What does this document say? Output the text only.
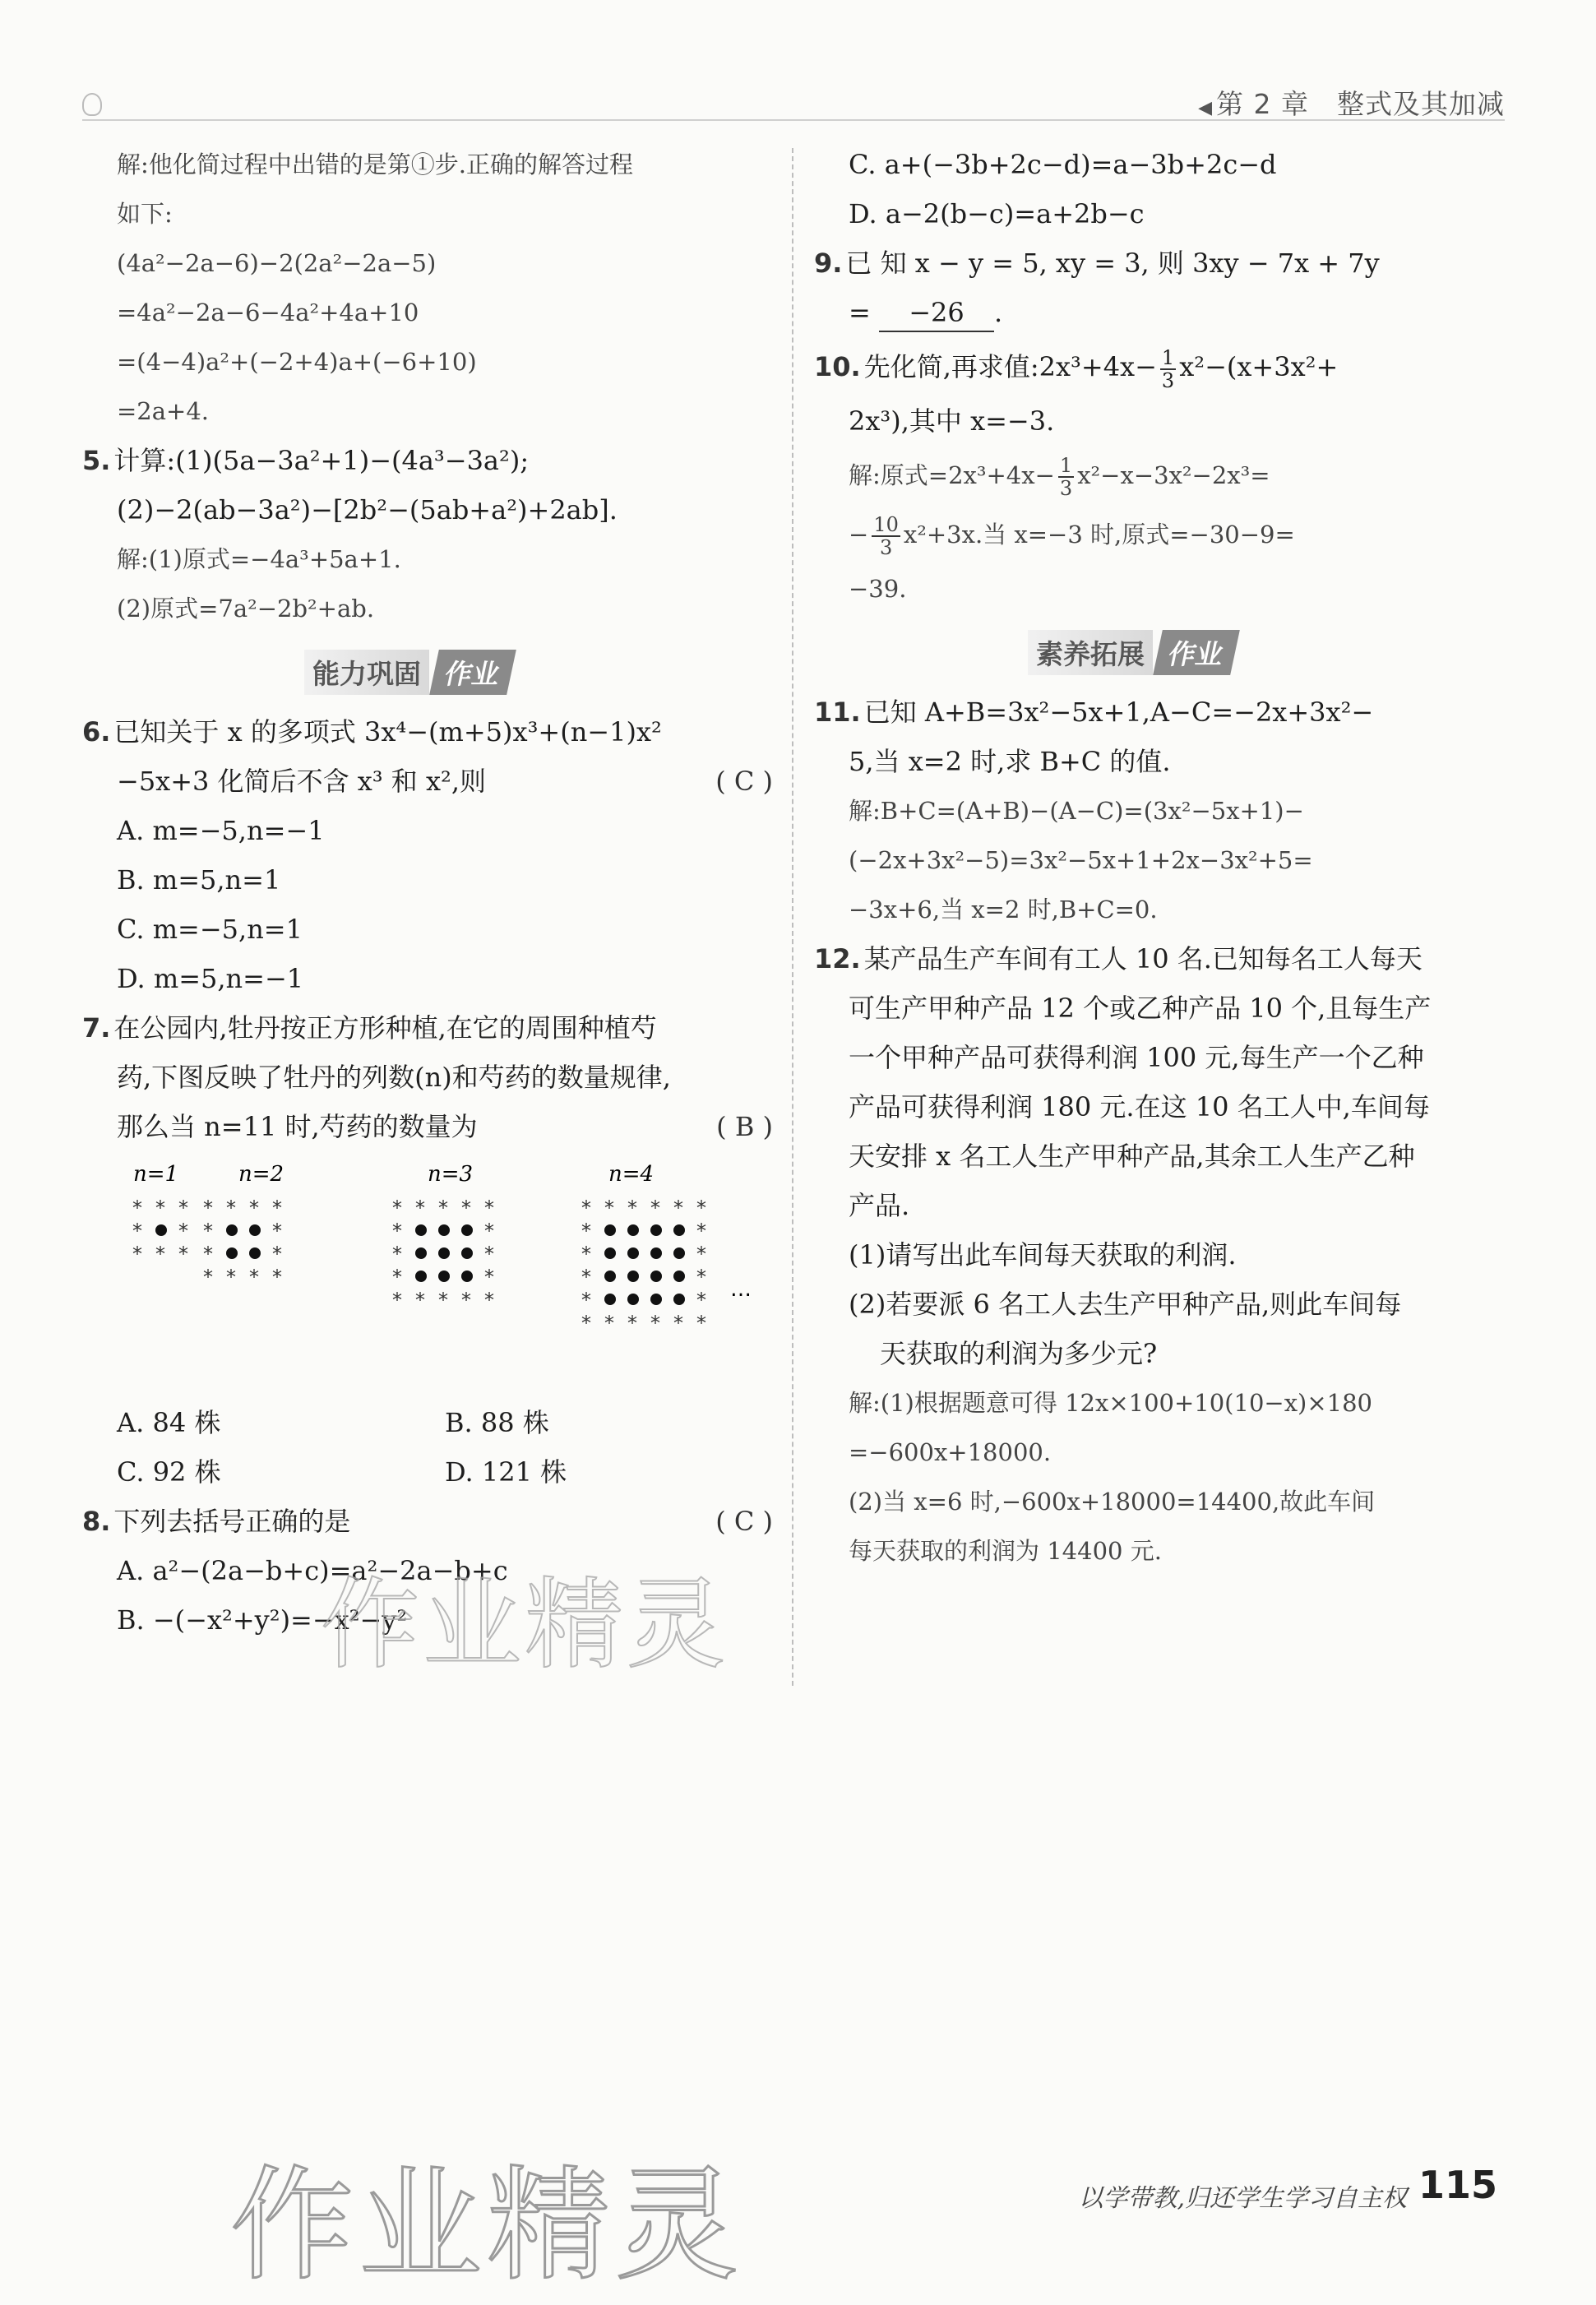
◀ 第 2 章 整式及其加减
解:他化简过程中出错的是第①步.正确的解答过程
如下:
(4a²−2a−6)−2(2a²−2a−5)
=4a²−2a−6−4a²+4a+10
=(4−4)a²+(−2+4)a+(−6+10)
=2a+4.
5. 计算:(1)(5a−3a²+1)−(4a³−3a²);
(2)−2(ab−3a²)−[2b²−(5ab+a²)+2ab].
解:(1)原式=−4a³+5a+1.
(2)原式=7a²−2b²+ab.
能力巩固 作业
6. 已知关于 x 的多项式 3x⁴−(m+5)x³+(n−1)x²
−5x+3 化简后不含 x³ 和 x²,则	( C )
A. m=−5,n=−1
B. m=5,n=1
C. m=−5,n=1
D. m=5,n=−1
7. 在公园内,牡丹按正方形种植,在它的周围种植芍
药,下图反映了牡丹的列数(n)和芍药的数量规律,
那么当 n=11 时,芍药的数量为	( B )
n=1	n=2	n=3	n=4
…
* * *
* *
* * *
* * * *
*	*
*	*
* * * *
* * * * *
*	*
*	*
*	*
* * * * *
* * * * * *
*	*
*	*
*	*
*	*
* * * * * *
A. 84 株	B. 88 株
C. 92 株	D. 121 株
8. 下列去括号正确的是	( C )
A. a²−(2a−b+c)=a²−2a−b+c
B. −(−x²+y²)=−x²−y²
C. a+(−3b+2c−d)=a−3b+2c−d
D. a−2(b−c)=a+2b−c
9. 已 知 x − y = 5, xy = 3, 则 3xy − 7x + 7y
= −26 .
10. 先化简,再求值:2x³+4x− $\frac{1}{3} x^2-(x+3x^2+$
2x³),其中 x=−3.
解:原式$=2x^3+4x- \frac{1}{3} x^2-x-3x^2-2x^3=$
− $\frac{10}{3} x^2+3x$.当 x=−3 时,原式=−30−9=
−39.
素养拓展 作业
11. 已知 A+B=3x²−5x+1,A−C=−2x+3x²−
5,当 x=2 时,求 B+C 的值.
解:B+C=(A+B)−(A−C)=(3x²−5x+1)−
(−2x+3x²−5)=3x²−5x+1+2x−3x²+5=
−3x+6,当 x=2 时,B+C=0.
12. 某产品生产车间有工人 10 名.已知每名工人每天
可生产甲种产品 12 个或乙种产品 10 个,且每生产
一个甲种产品可获得利润 100 元,每生产一个乙种
产品可获得利润 180 元.在这 10 名工人中,车间每
天安排 x 名工人生产甲种产品,其余工人生产乙种
产品.
(1)请写出此车间每天获取的利润.
(2)若要派 6 名工人去生产甲种产品,则此车间每
天获取的利润为多少元?
解:(1)根据题意可得 12x×100+10(10−x)×180
=−600x+18000.
(2)当 x=6 时,−600x+18000=14400,故此车间
每天获取的利润为 14400 元.
作业精灵
作业精灵	以学带教,归还学生学习自主权 115
